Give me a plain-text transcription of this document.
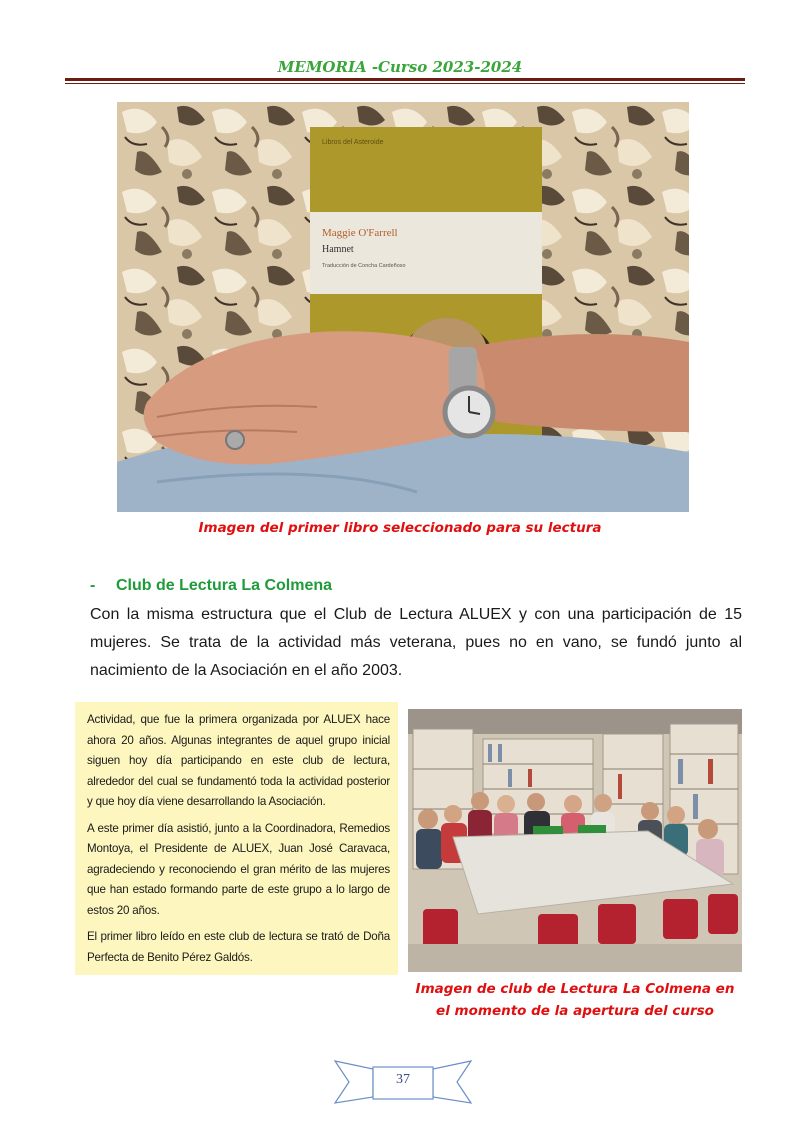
MEMORIA -Curso 2023-2024
Libros del Asteroide
Maggie O'Farrell
Hamnet
Traducción de Concha Cardeñoso
Imagen del primer libro seleccionado para su lectura
- Club de Lectura La Colmena
Con la misma estructura que el Club de Lectura ALUEX y con una participación de 15 mujeres. Se trata de la actividad más veterana, pues no en vano, se fundó junto al nacimiento de la Asociación en el año 2003.

Actividad, que fue la primera organizada por ALUEX hace ahora 20 años. Algunas integrantes de aquel grupo inicial siguen hoy día participando en este club de lectura, alrededor del cual se fundamentó toda la actividad posterior y que hoy día viene desarrollando la Asociación.

A este primer día asistió, junto a la Coordinadora, Remedios Montoya, el Presidente de ALUEX, Juan José Caravaca, agradeciendo y reconociendo el gran mérito de las mujeres que han estado formando parte de este grupo a lo largo de estos 20 años.

El primer libro leído en este club de lectura se trató de Doña Perfecta de Benito Pérez Galdós.

Imagen de club de Lectura La Colmena en
el momento de la apertura del curso
37
